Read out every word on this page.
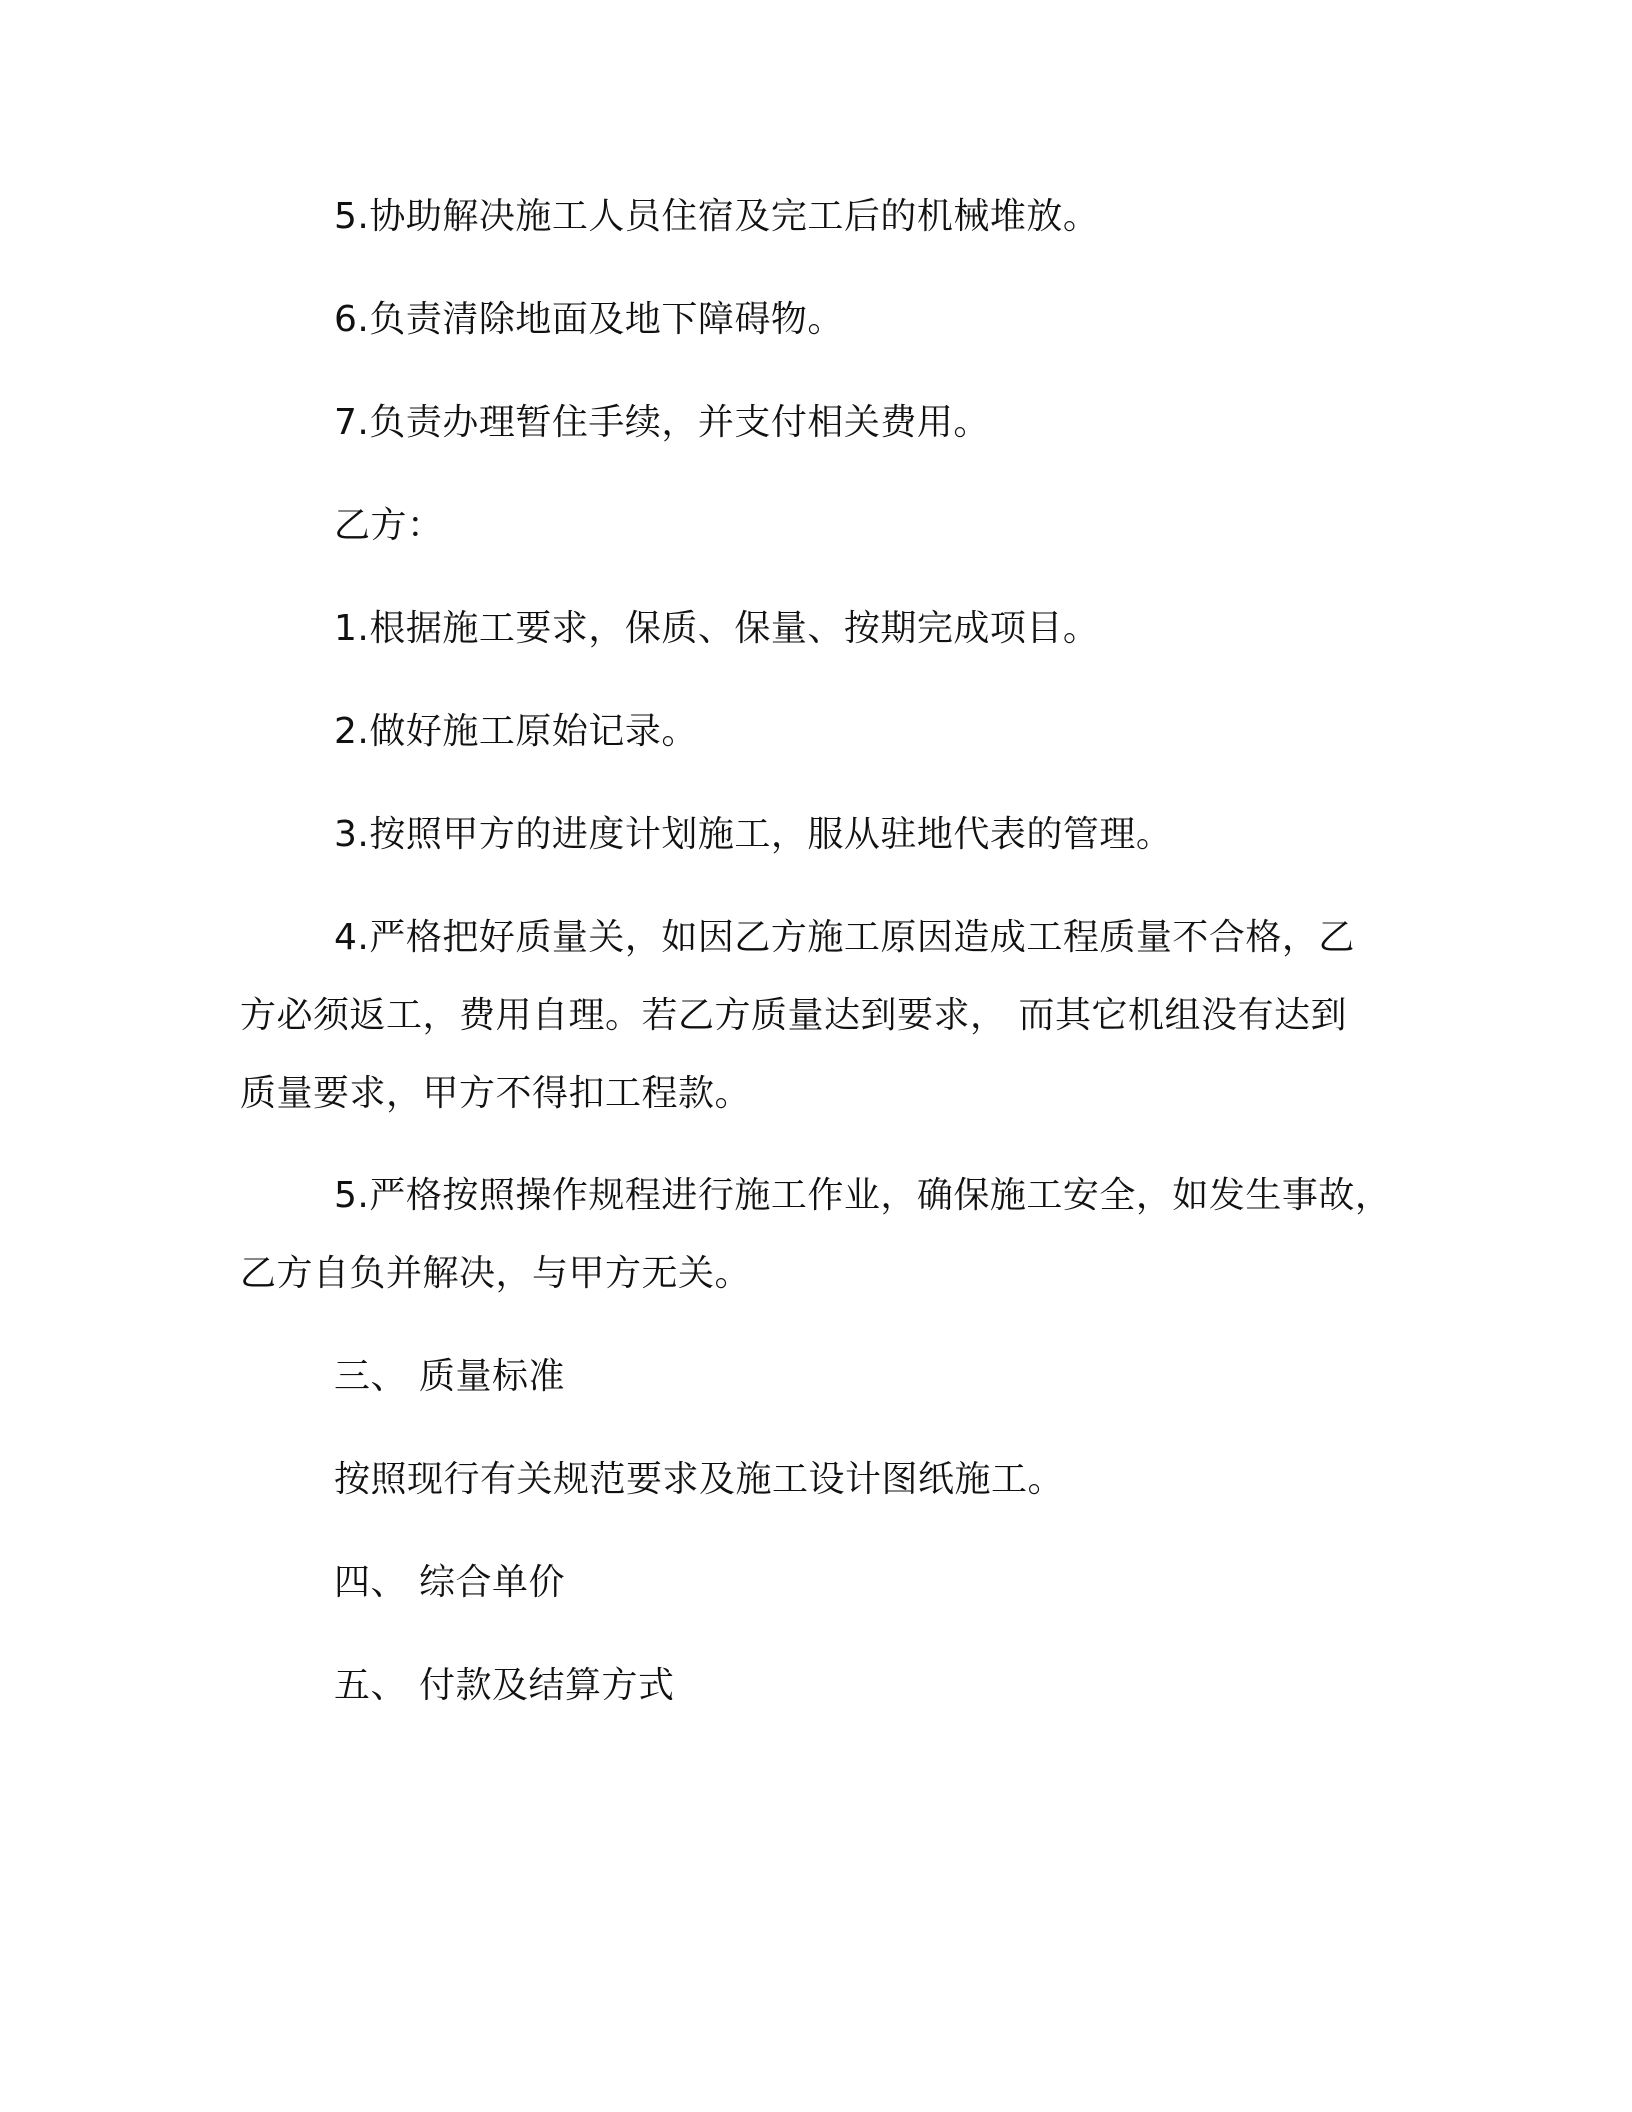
5.协助解决施工人员住宿及完工后的机械堆放。
6.负责清除地面及地下障碍物。
7.负责办理暂住手续，并支付相关费用。
乙方：
1.根据施工要求，保质、保量、按期完成项目。
2.做好施工原始记录。
3.按照甲方的进度计划施工，服从驻地代表的管理。
4.严格把好质量关，如因乙方施工原因造成工程质量不合格，乙
方必须返工，费用自理。若乙方质量达到要求， 而其它机组没有达到
质量要求，甲方不得扣工程款。
5.严格按照操作规程进行施工作业，确保施工安全，如发生事故，
乙方自负并解决，与甲方无关。
三、 质量标准
按照现行有关规范要求及施工设计图纸施工。
四、 综合单价
五、 付款及结算方式
